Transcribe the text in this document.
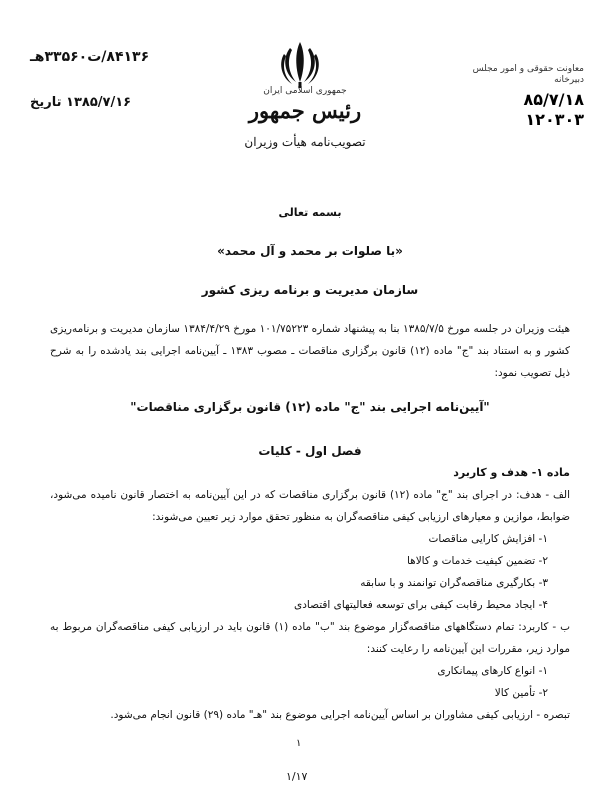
۸۴۱۳۶/ت۳۳۵۶۰هـ
۱۳۸۵/۷/۱۶ تاریخ
جمهوری اسلامی ایران
رئیس جمهور
تصویب‌نامه هیأت وزیران
معاونت حقوقی و امور مجلس
دبیرخانه
۸۵/۷/۱۸
۱۲۰۳۰۳
بسمه تعالی
«با صلوات بر محمد و آل محمد»
سازمان مدیریت و برنامه ریزی کشور
هیئت وزیران در جلسه مورخ ۱۳۸۵/۷/۵ بنا به پیشنهاد شماره ۱۰۱/۷۵۲۲۳ مورخ ۱۳۸۴/۴/۲۹ سازمان مدیریت و برنامه‌ریزی کشور و به استناد بند "ج" ماده (۱۲) قانون برگزاری مناقصات ـ مصوب ۱۳۸۳ ـ آیین‌نامه اجرایی بند یادشده را به شرح ذیل تصویب نمود:
"آیین‌نامه اجرایی بند "ج" ماده (۱۲) قانون برگزاری مناقصات"
فصل اول - کلیات
ماده ۱- هدف و کاربرد
الف - هدف: در اجرای بند "ج" ماده (۱۲) قانون برگزاری مناقصات که در این آیین‌نامه به اختصار قانون نامیده می‌شود، ضوابط، موازین و معیارهای ارزیابی کیفی مناقصه‌گران به منظور تحقق موارد زیر تعیین می‌شوند:
۱- افزایش کارایی مناقصات
۲- تضمین کیفیت خدمات و کالاها
۳- بکارگیری مناقصه‌گران توانمند و با سابقه
۴- ایجاد محیط رقابت کیفی برای توسعه فعالیتهای اقتصادی
ب - کاربرد: تمام دستگاههای مناقصه‌گزار موضوع بند "ب" ماده (۱) قانون باید در ارزیابی کیفی مناقصه‌گران مربوط به موارد زیر، مقررات این آیین‌نامه را رعایت کنند:
۱- انواع کارهای پیمانکاری
۲- تأمین کالا
تبصره - ارزیابی کیفی مشاوران بر اساس آیین‌نامه اجرایی موضوع بند "هـ" ماده (۲۹) قانون انجام می‌شود.
۱
۱/۱۷
